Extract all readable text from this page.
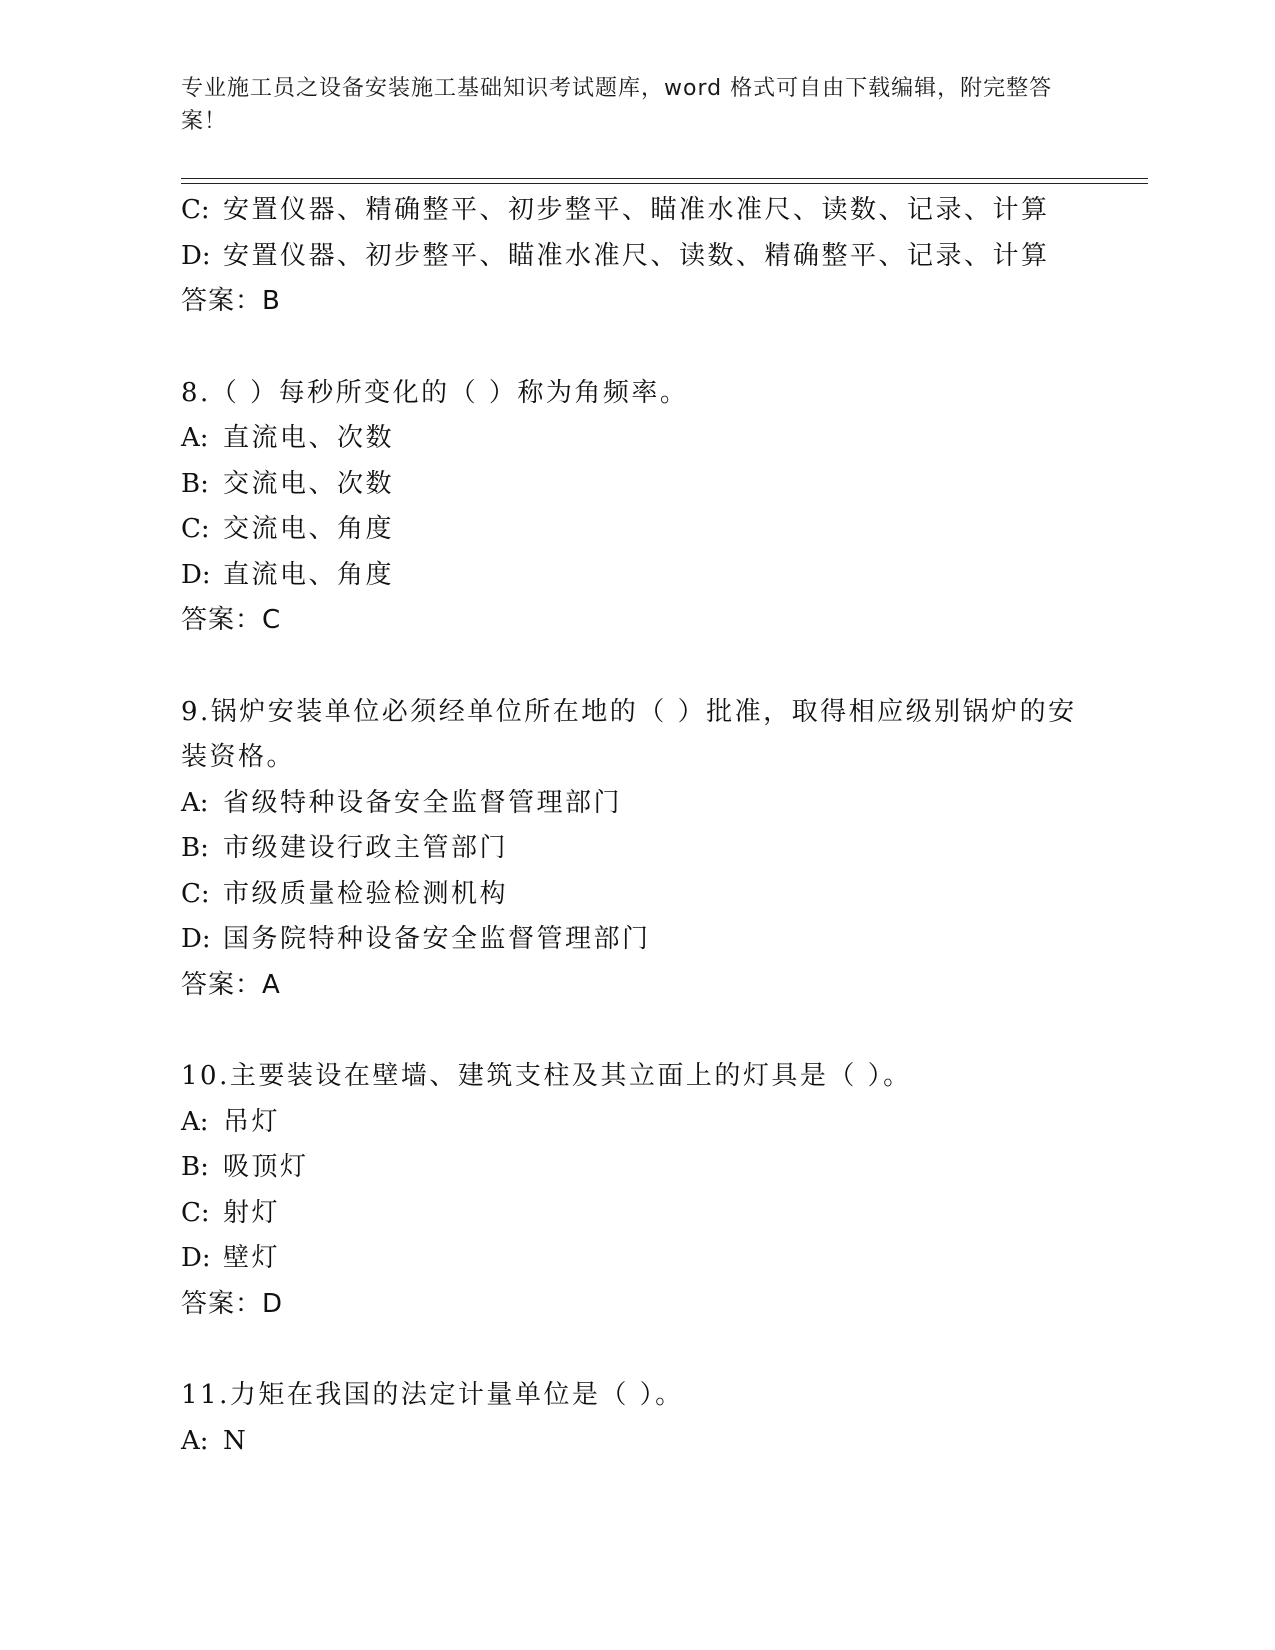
专业施工员之设备安装施工基础知识考试题库，word 格式可自由下载编辑，附完整答案！
C: 安置仪器、精确整平、初步整平、瞄准水准尺、读数、记录、计算
D: 安置仪器、初步整平、瞄准水准尺、读数、精确整平、记录、计算
答案：B
8.（ ）每秒所变化的（ ）称为角频率。
A: 直流电、次数
B: 交流电、次数
C: 交流电、角度
D: 直流电、角度
答案：C
9.锅炉安装单位必须经单位所在地的（ ）批准，取得相应级别锅炉的安装资格。
A: 省级特种设备安全监督管理部门
B: 市级建设行政主管部门
C: 市级质量检验检测机构
D: 国务院特种设备安全监督管理部门
答案：A
10.主要装设在壁墙、建筑支柱及其立面上的灯具是（ ）。
A: 吊灯
B: 吸顶灯
C: 射灯
D: 壁灯
答案：D
11.力矩在我国的法定计量单位是（ ）。
A: N
